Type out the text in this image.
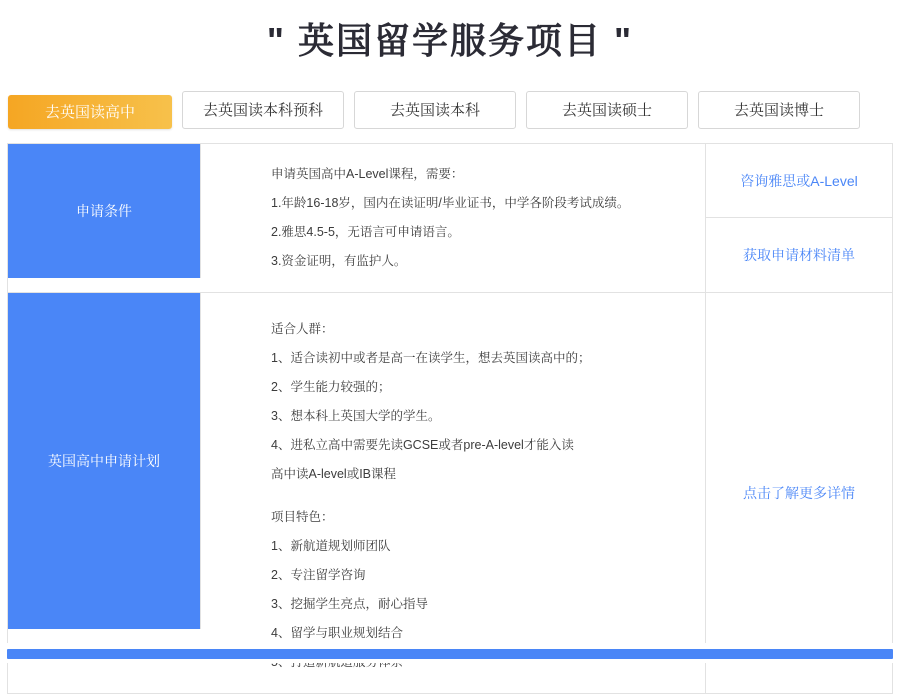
" 英国留学服务项目 "
去英国读高中	去英国读本科预科	去英国读本科	去英国读硕士	去英国读博士
申请条件

申请英国高中A-Level课程，需要：

1.年龄16-18岁，国内在读证明/毕业证书，中学各阶段考试成绩。

2.雅思4.5-5，无语言可申请语言。

3.资金证明，有监护人。

咨询雅思或A-Level
获取申请材料清单
英国高中申请计划

适合人群：

1、适合读初中或者是高一在读学生，想去英国读高中的；

2、学生能力较强的；

3、想本科上英国大学的学生。

4、进私立高中需要先读GCSE或者pre-A-level才能入读

高中读A-level或IB课程

项目特色：

1、新航道规划师团队

2、专注留学咨询

3、挖掘学生亮点，耐心指导

4、留学与职业规划结合

点击了解更多详情
